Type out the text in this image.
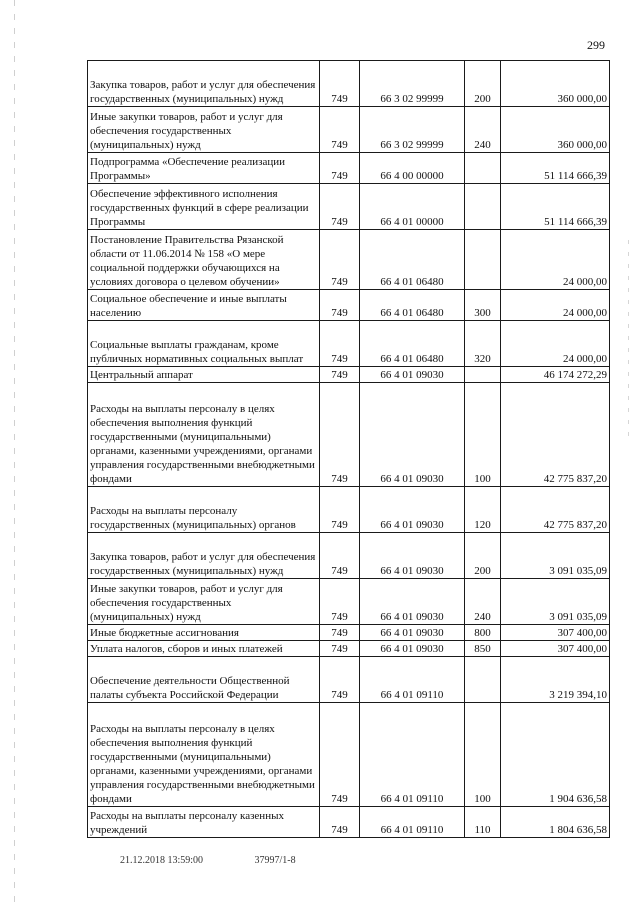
299
Закупка товаров, работ и услуг для обеспечения государственных (муниципальных) нужд	749	66 3 02 99999	200	360 000,00
Иные закупки товаров, работ и услуг для обеспечения государственных (муниципальных) нужд	749	66 3 02 99999	240	360 000,00
Подпрограмма «Обеспечение реализации Программы»	749	66 4 00 00000		51 114 666,39
Обеспечение эффективного исполнения государственных функций в сфере реализации Программы	749	66 4 01 00000		51 114 666,39
Постановление Правительства Рязанской области от 11.06.2014 № 158 «О мере социальной поддержки обучающихся на условиях договора о целевом обучении»	749	66 4 01 06480		24 000,00
Социальное обеспечение и иные выплаты населению	749	66 4 01 06480	300	24 000,00
Социальные выплаты гражданам, кроме публичных нормативных социальных выплат	749	66 4 01 06480	320	24 000,00
Центральный аппарат	749	66 4 01 09030		46 174 272,29
Расходы на выплаты персоналу в целях обеспечения выполнения функций государственными (муниципальными) органами, казенными учреждениями, органами управления государственными внебюджетными фондами	749	66 4 01 09030	100	42 775 837,20
Расходы на выплаты персоналу государственных (муниципальных) органов	749	66 4 01 09030	120	42 775 837,20
Закупка товаров, работ и услуг для обеспечения государственных (муниципальных) нужд	749	66 4 01 09030	200	3 091 035,09
Иные закупки товаров, работ и услуг для обеспечения государственных (муниципальных) нужд	749	66 4 01 09030	240	3 091 035,09
Иные бюджетные ассигнования	749	66 4 01 09030	800	307 400,00
Уплата налогов, сборов и иных платежей	749	66 4 01 09030	850	307 400,00
Обеспечение деятельности Общественной палаты субъекта Российской Федерации	749	66 4 01 09110		3 219 394,10
Расходы на выплаты персоналу в целях обеспечения выполнения функций государственными (муниципальными) органами, казенными учреждениями, органами управления государственными внебюджетными фондами	749	66 4 01 09110	100	1 904 636,58
Расходы на выплаты персоналу казенных учреждений	749	66 4 01 09110	110	1 804 636,58
21.12.2018 13:59:00	37997/1-8
